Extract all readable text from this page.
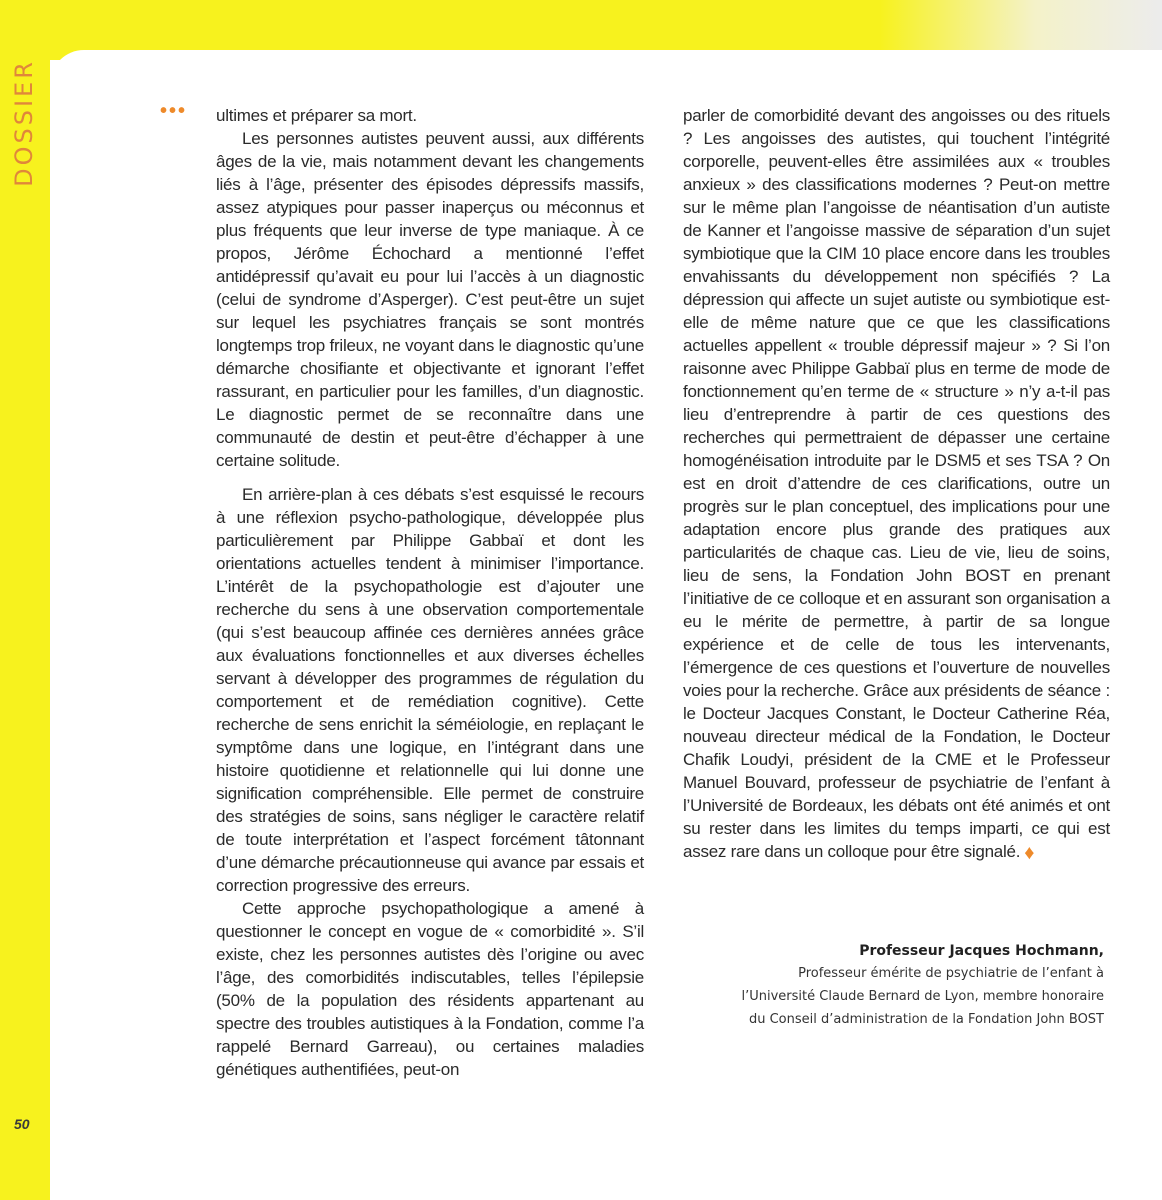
DOSSIER
50
••• ultimes et préparer sa mort.

Les personnes autistes peuvent aussi, aux différents âges de la vie, mais notamment devant les changements liés à l’âge, présenter des épisodes dépressifs massifs, assez atypiques pour passer inaperçus ou méconnus et plus fréquents que leur inverse de type maniaque. À ce propos, Jérôme Échochard a mentionné l’effet antidépressif qu’avait eu pour lui l’accès à un diagnostic (celui de syndrome d’Asperger). C’est peut-être un sujet sur lequel les psychiatres français se sont montrés longtemps trop frileux, ne voyant dans le diagnostic qu’une démarche chosifiante et objectivante et ignorant l’effet rassurant, en particulier pour les familles, d’un diagnostic. Le diagnostic permet de se reconnaître dans une communauté de destin et peut-être d’échapper à une certaine solitude.

En arrière-plan à ces débats s’est esquissé le recours à une réflexion psycho-pathologique, développée plus particulièrement par Philippe Gabbaï et dont les orientations actuelles tendent à minimiser l’importance. L’intérêt de la psychopathologie est d’ajouter une recherche du sens à une observation comportementale (qui s’est beaucoup affinée ces dernières années grâce aux évaluations fonctionnelles et aux diverses échelles servant à développer des programmes de régulation du comportement et de remédiation cognitive). Cette recherche de sens enrichit la séméiologie, en replaçant le symptôme dans une logique, en l’intégrant dans une histoire quotidienne et relationnelle qui lui donne une signification compréhensible. Elle permet de construire des stratégies de soins, sans négliger le caractère relatif de toute interprétation et l’aspect forcément tâtonnant d’une démarche précautionneuse qui avance par essais et correction progressive des erreurs.

Cette approche psychopathologique a amené à questionner le concept en vogue de « comorbidité ». S’il existe, chez les personnes autistes dès l’origine ou avec l’âge, des comorbidités indiscutables, telles l’épilepsie (50% de la population des résidents appartenant au spectre des troubles autistiques à la Fondation, comme l’a rappelé Bernard Garreau), ou certaines maladies génétiques authentifiées, peut-on

parler de comorbidité devant des angoisses ou des rituels ? Les angoisses des autistes, qui touchent l’intégrité corporelle, peuvent-elles être assimilées aux « troubles anxieux » des classifications modernes ? Peut-on mettre sur le même plan l’angoisse de néantisation d’un autiste de Kanner et l’angoisse massive de séparation d’un sujet symbiotique que la CIM 10 place encore dans les troubles envahissants du développement non spécifiés ? La dépression qui affecte un sujet autiste ou symbiotique est-elle de même nature que ce que les classifications actuelles appellent « trouble dépressif majeur » ? Si l’on raisonne avec Philippe Gabbaï plus en terme de mode de fonctionnement qu’en terme de « structure » n’y a-t-il pas lieu d’entreprendre à partir de ces questions des recherches qui permettraient de dépasser une certaine homogénéisation introduite par le DSM5 et ses TSA ? On est en droit d’attendre de ces clarifications, outre un progrès sur le plan conceptuel, des implications pour une adaptation encore plus grande des pratiques aux particularités de chaque cas. Lieu de vie, lieu de soins, lieu de sens, la Fondation John BOST en prenant l’initiative de ce colloque et en assurant son organisation a eu le mérite de permettre, à partir de sa longue expérience et de celle de tous les intervenants, l’émergence de ces questions et l’ouverture de nouvelles voies pour la recherche. Grâce aux présidents de séance : le Docteur Jacques Constant, le Docteur Catherine Réa, nouveau directeur médical de la Fondation, le Docteur Chafik Loudyi, président de la CME et le Professeur Manuel Bouvard, professeur de psychiatrie de l’enfant à l’Université de Bordeaux, les débats ont été animés et ont su rester dans les limites du temps imparti, ce qui est assez rare dans un colloque pour être signalé. ♦

Professeur Jacques Hochmann,
Professeur émérite de psychiatrie de l’enfant à
l’Université Claude Bernard de Lyon, membre honoraire
du Conseil d’administration de la Fondation John BOST
